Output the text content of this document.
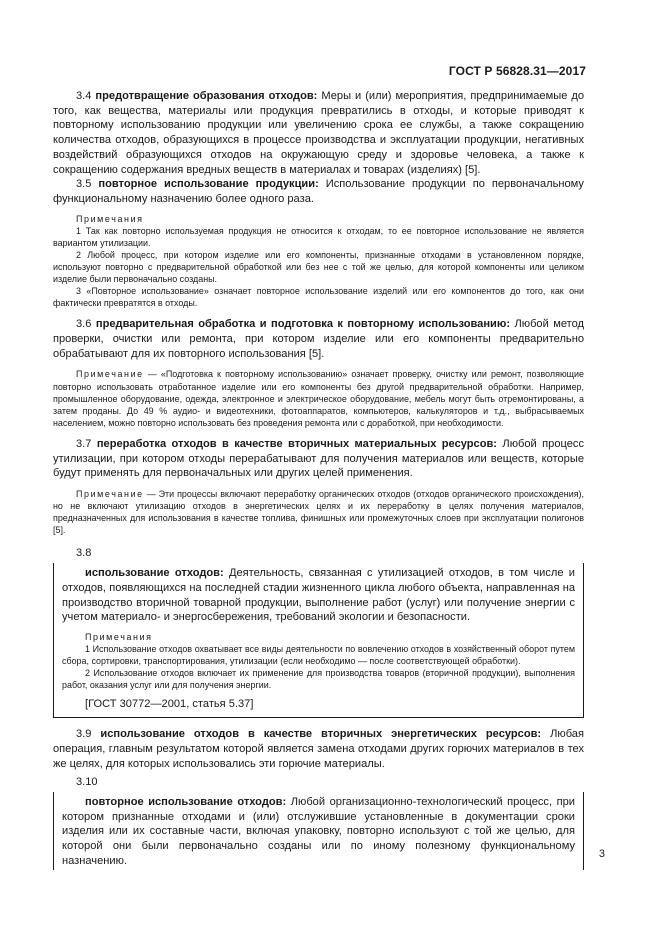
ГОСТ Р 56828.31—2017

3.4 предотвращение образования отходов: Меры и (или) мероприятия, предпринимаемые до того, как вещества, материалы или продукция превратились в отходы, и которые приводят к повторному использованию продукции или увеличению срока ее службы, а также сокращению количества отходов, образующихся в процессе производства и эксплуатации продукции, негативных воздействий образующихся отходов на окружающую среду и здоровье человека, а также к сокращению содержания вредных веществ в материалах и товарах (изделиях) [5].

3.5 повторное использование продукции: Использование продукции по первоначальному функциональному назначению более одного раза.

Примечания

1 Так как повторно используемая продукция не относится к отходам, то ее повторное использование не является вариантом утилизации.

2 Любой процесс, при котором изделие или его компоненты, признанные отходами в установленном порядке, используют повторно с предварительной обработкой или без нее с той же целью, для которой компоненты или целиком изделие были первоначально созданы.

3 «Повторное использование» означает повторное использование изделий или его компонентов до того, как они фактически превратятся в отходы.

3.6 предварительная обработка и подготовка к повторному использованию: Любой метод проверки, очистки или ремонта, при котором изделие или его компоненты предварительно обрабатывают для их повторного использования [5].

Примечание — «Подготовка к повторному использованию» означает проверку, очистку или ремонт, позволяющие повторно использовать отработанное изделие или его компоненты без другой предварительной обработки. Например, промышленное оборудование, одежда, электронное и электрическое оборудование, мебель могут быть отремонтированы, а затем проданы. До 49 % аудио- и видеотехники, фотоаппаратов, компьютеров, калькуляторов и т.д., выбрасываемых населением, можно повторно использовать без проведения ремонта или с доработкой, при необходимости.

3.7 переработка отходов в качестве вторичных материальных ресурсов: Любой процесс утилизации, при котором отходы перерабатывают для получения материалов или веществ, которые будут применять для первоначальных или других целей применения.

Примечание — Эти процессы включают переработку органических отходов (отходов органического происхождения), но не включают утилизацию отходов в энергетических целях и их переработку в целях получения материалов, предназначенных для использования в качестве топлива, финишных или промежуточных слоев при эксплуатации полигонов [5].

3.8

использование отходов: Деятельность, связанная с утилизацией отходов, в том числе и отходов, появляющихся на последней стадии жизненного цикла любого объекта, направленная на производство вторичной товарной продукции, выполнение работ (услуг) или получение энергии с учетом материало- и энергосбережения, требований экологии и безопасности.

Примечания

1 Использование отходов охватывает все виды деятельности по вовлечению отходов в хозяйственный оборот путем сбора, сортировки, транспортирования, утилизации (если необходимо — после соответствующей обработки).

2 Использование отходов включает их применение для производства товаров (вторичной продукции), выполнения работ, оказания услуг или для получения энергии.

[ГОСТ 30772—2001, статья 5.37]

3.9 использование отходов в качестве вторичных энергетических ресурсов: Любая операция, главным результатом которой является замена отходами других горючих материалов в тех же целях, для которых использовались эти горючие материалы.

3.10

повторное использование отходов: Любой организационно-технологический процесс, при котором признанные отходами и (или) отслужившие установленные в документации сроки изделия или их составные части, включая упаковку, повторно используют с той же целью, для которой они были первоначально созданы или по иному полезному функциональному назначению.

3
